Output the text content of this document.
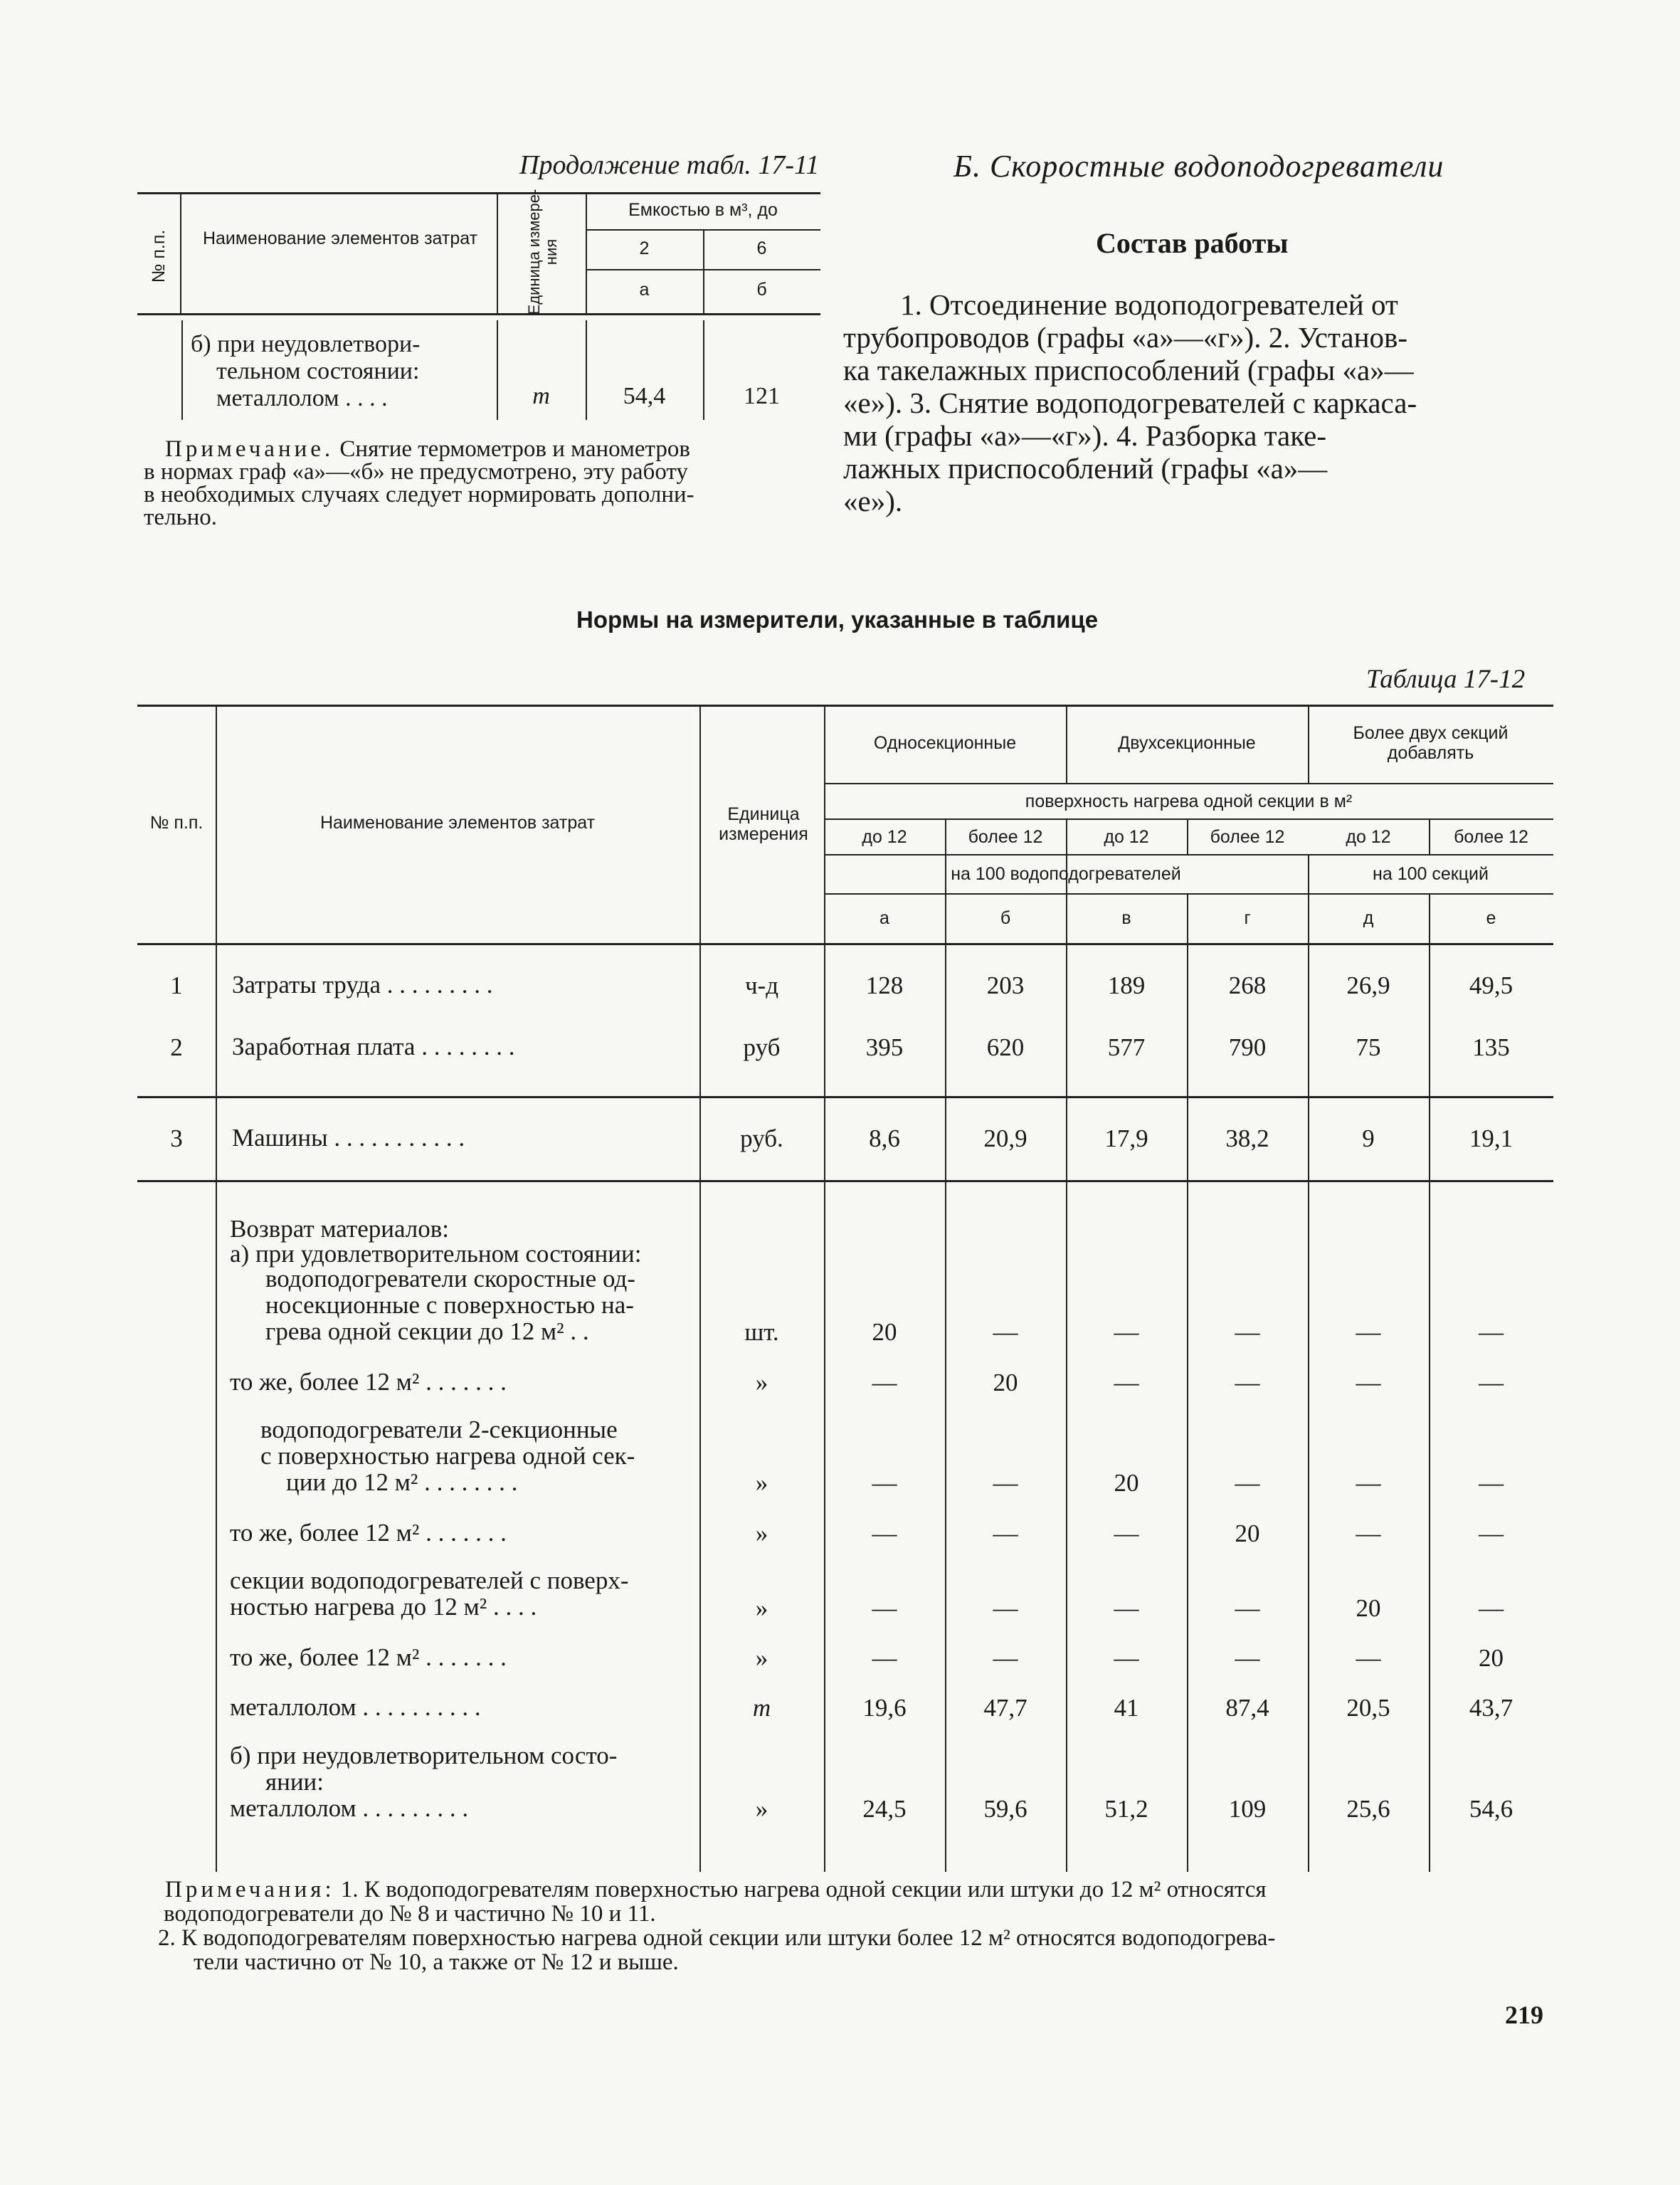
Продолжение табл. 17-11
№ п.п.	Наименование элементов затрат	Единица измере-ния
Емкостью в м³, до
2	6
а	б
б) при неудовлетвори-
тельном состоянии:
металлолом . . . .	т	54,4	121
Примечание. Снятие термометров и манометров
в нормах граф «а»—«б» не предусмотрено, эту работу
в необходимых случаях следует нормировать дополни-
тельно.
Б. Скоростные водоподогреватели
Состав работы
1. Отсоединение водоподогревателей от
трубопроводов (графы «а»—«г»). 2. Установ-
ка такелажных приспособлений (графы «а»—
«е»). 3. Снятие водоподогревателей с каркаса-
ми (графы «а»—«г»). 4. Разборка таке-
лажных приспособлений (графы «а»—
«е»).
Нормы на измерители, указанные в таблице
Таблица 17-12
№ п.п.	Наименование элементов затрат	Единица измерения
Односекционные	Двухсекционные	Более двух секций добавлять
поверхность нагрева одной секции в м²
до 12	более 12	до 12	более 12	до 12	более 12
на 100 водоподогревателей	на 100 секций
а	б	в	г	д	е
1	Затраты труда . . . . . . . . .	ч-д	128	203	189	268	26,9	49,5
2	Заработная плата . . . . . . . .	руб	395	620	577	790	75	135
3	Машины . . . . . . . . . . .	руб.	8,6	20,9	17,9	38,2	9	19,1
Возврат материалов:
а) при удовлетворительном состоянии:
водоподогреватели скоростные од-
носекционные с поверхностью на-
грева одной секции до 12 м² . .	шт.	20	—	—	—	—	—
то же, более 12 м² . . . . . . .	»	—	20	—	—	—	—
водоподогреватели 2-секционные
с поверхностью нагрева одной сек-
ции до 12 м² . . . . . . . .	»	—	—	20	—	—	—
то же, более 12 м² . . . . . . .	»	—	—	—	20	—	—
секции водоподогревателей с поверх-
ностью нагрева до 12 м² . . . .	»	—	—	—	—	20	—
то же, более 12 м² . . . . . . .	»	—	—	—	—	—	20
металлолом . . . . . . . . . .	т	19,6	47,7	41	87,4	20,5	43,7
б) при неудовлетворительном состо-
янии:
металлолом . . . . . . . . .	»	24,5	59,6	51,2	109	25,6	54,6
Примечания: 1. К водоподогревателям поверхностью нагрева одной секции или штуки до 12 м² относятся
водоподогреватели до № 8 и частично № 10 и 11.
2. К водоподогревателям поверхностью нагрева одной секции или штуки более 12 м² относятся водоподогрева-
тели частично от № 10, а также от № 12 и выше.
219
